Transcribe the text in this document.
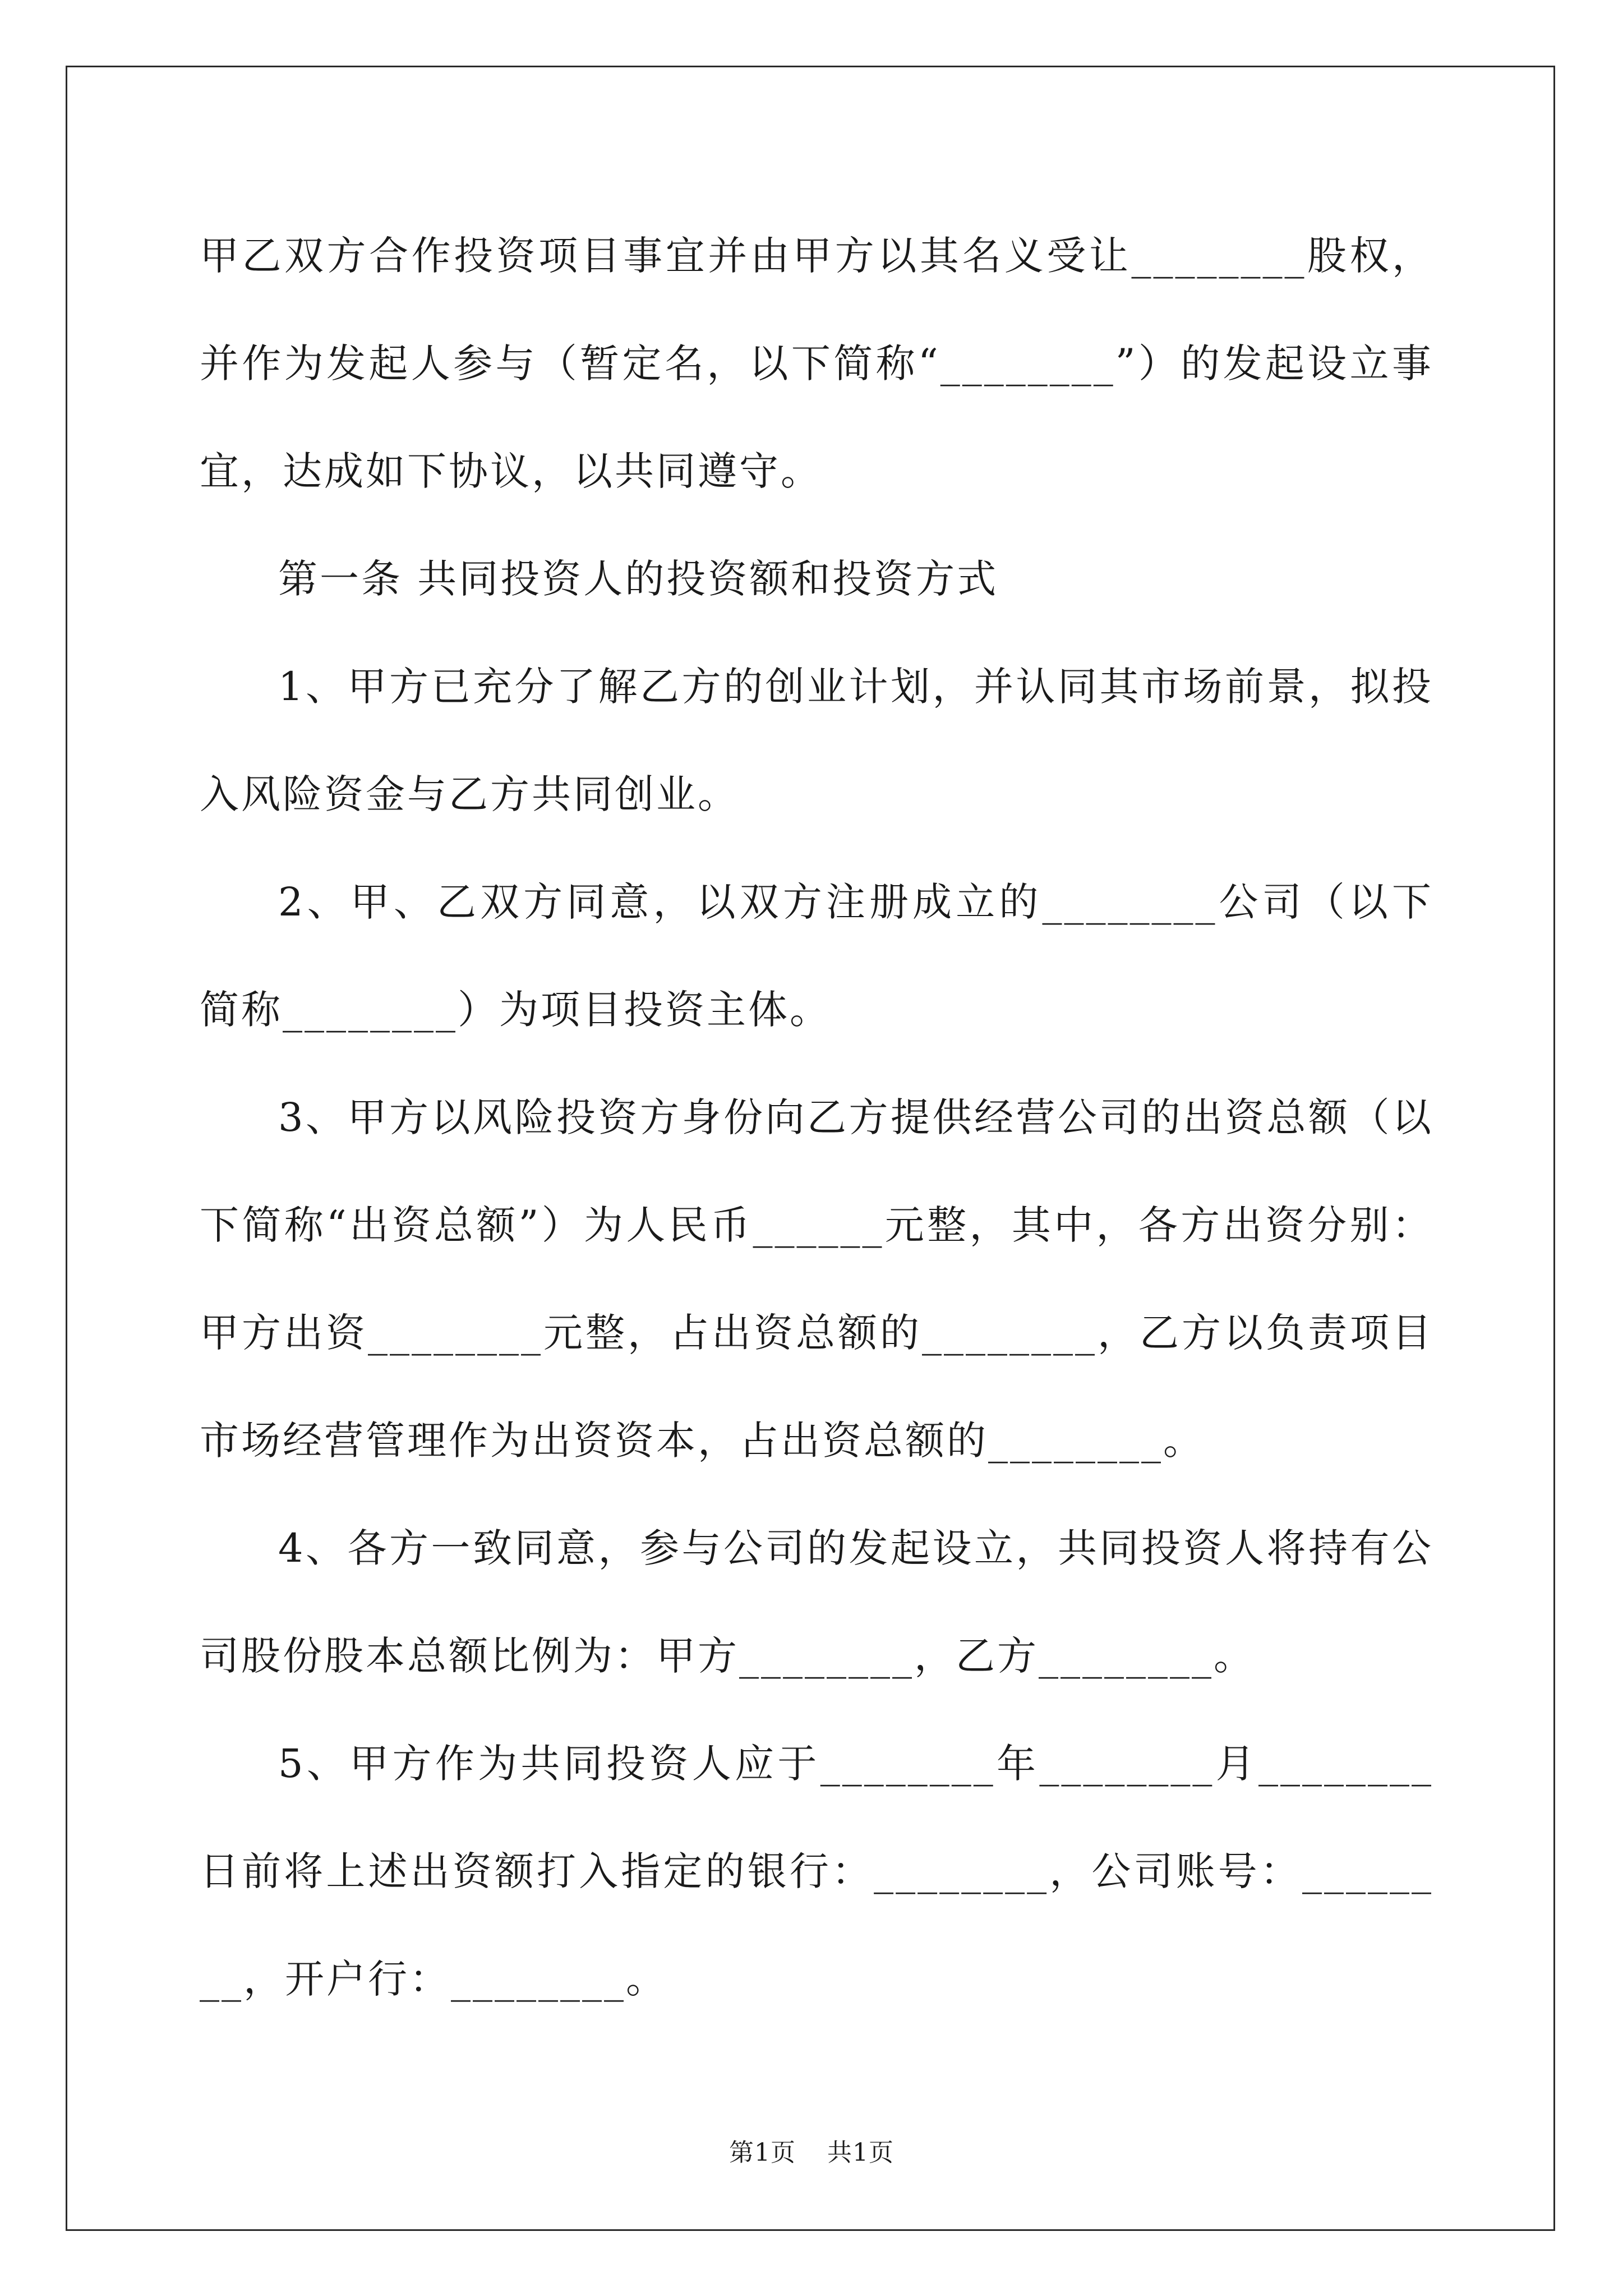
甲乙双方合作投资项目事宜并由甲方以其名义受让________股权，并作为发起人参与（暂定名，以下简称“________”）的发起设立事宜，达成如下协议，以共同遵守。

第一条 共同投资人的投资额和投资方式

1、甲方已充分了解乙方的创业计划，并认同其市场前景，拟投入风险资金与乙方共同创业。

2、甲、乙双方同意，以双方注册成立的________公司（以下简称________）为项目投资主体。

3、甲方以风险投资方身份向乙方提供经营公司的出资总额（以下简称“出资总额”）为人民币______元整，其中，各方出资分别：甲方出资________元整，占出资总额的________，乙方以负责项目市场经营管理作为出资资本，占出资总额的________。

4、各方一致同意，参与公司的发起设立，共同投资人将持有公司股份股本总额比例为：甲方________，乙方________。

5、甲方作为共同投资人应于________年________月________日前将上述出资额打入指定的银行：________，公司账号：________，开户行：________。

第1页 共1页
